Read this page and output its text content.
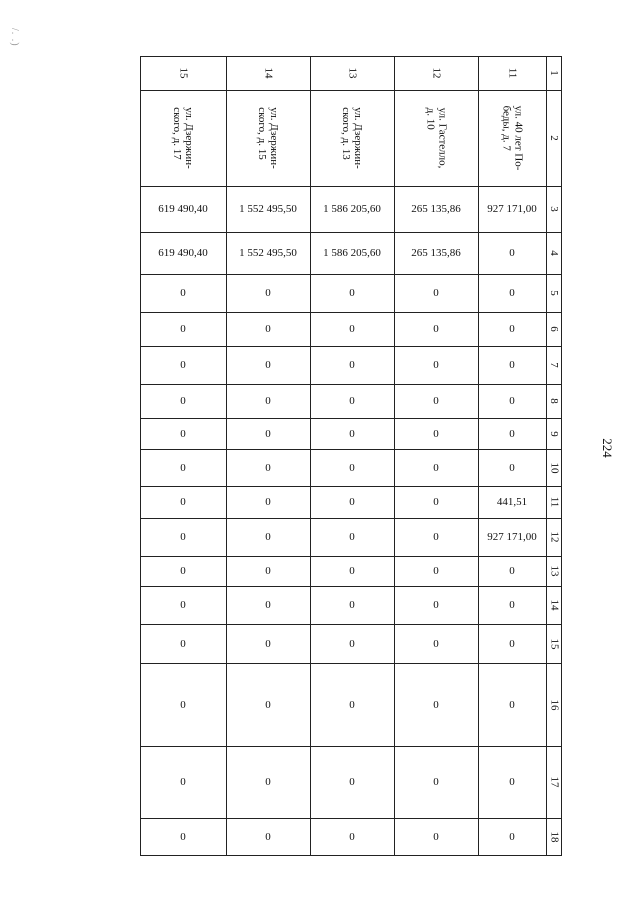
/. .)
224
15
ул. Дзержин-
ского, д. 17
619 490,40
619 490,40
0
0
0
0
0
0
0
0
0
0
0
0
0
0
14
ул. Дзержин-
ского, д. 15
1 552 495,50
1 552 495,50
0
0
0
0
0
0
0
0
0
0
0
0
0
0
13
ул. Дзержин-
ского, д. 13
1 586 205,60
1 586 205,60
0
0
0
0
0
0
0
0
0
0
0
0
0
0
12
ул. Гастелло,
д. 10
265 135,86
265 135,86
0
0
0
0
0
0
0
0
0
0
0
0
0
0
11
ул. 40 лет По-
беды, д. 7
927 171,00
0
0
0
0
0
0
0
441,51
927 171,00
0
0
0
0
0
0
1
2
3
4
5
6
7
8
9
10
11
12
13
14
15
16
17
18
